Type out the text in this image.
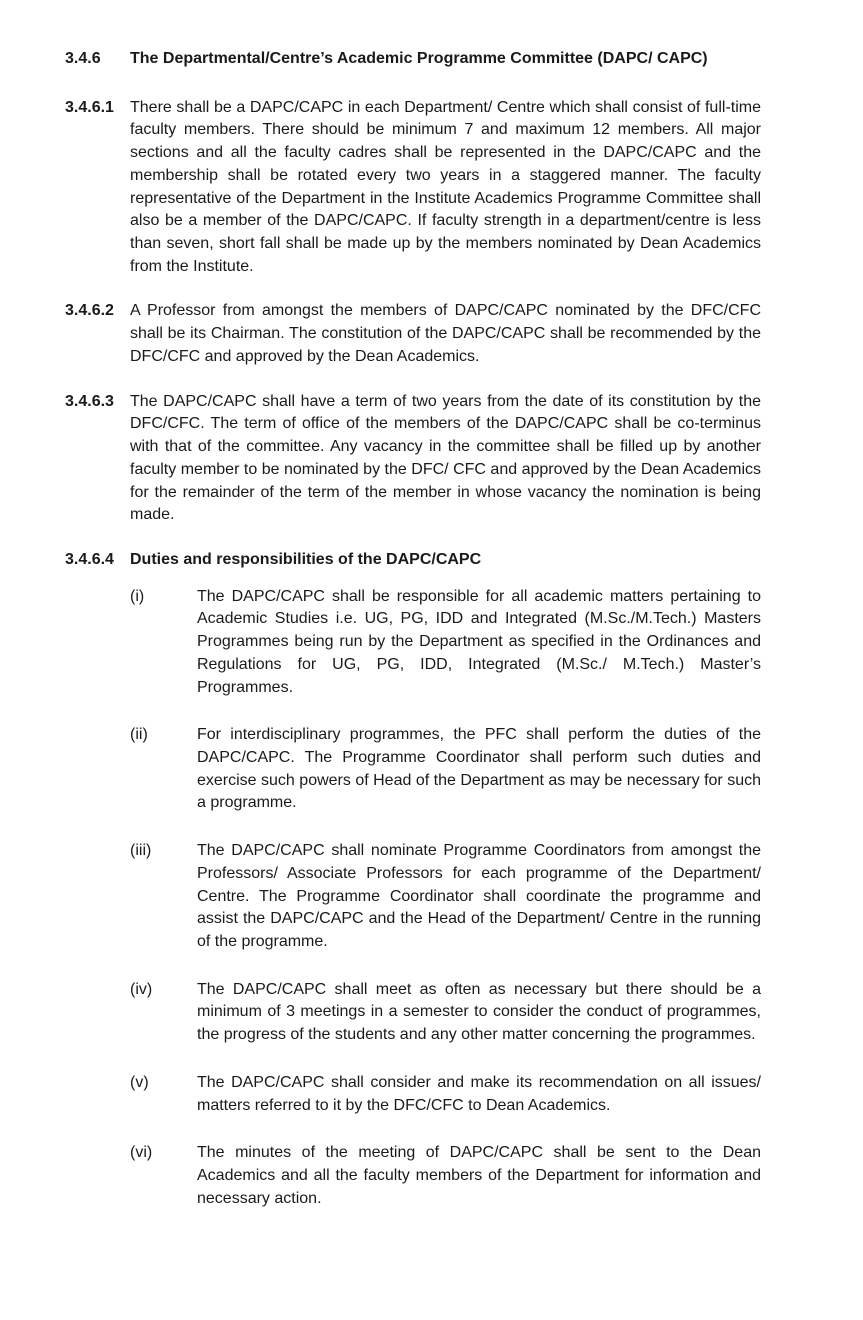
3.4.6	The Departmental/Centre’s Academic Programme Committee (DAPC/ CAPC)
3.4.6.1	There shall be a DAPC/CAPC in each Department/ Centre which shall consist of full-time faculty members. There should be minimum 7 and maximum 12 members. All major sections and all the faculty cadres shall be represented in the DAPC/CAPC and the membership shall be rotated every two years in a staggered manner. The faculty representative of the Department in the Institute Academics Programme Committee shall also be a member of the DAPC/CAPC. If faculty strength in a department/centre is less than seven, short fall shall be made up by the members nominated by Dean Academics from the Institute.
3.4.6.2	A Professor from amongst the members of DAPC/CAPC nominated by the DFC/CFC shall be its Chairman. The constitution of the DAPC/CAPC shall be recommended by the DFC/CFC and approved by the Dean Academics.
3.4.6.3	The DAPC/CAPC shall have a term of two years from the date of its constitution by the DFC/CFC. The term of office of the members of the DAPC/CAPC shall be co-terminus with that of the committee. Any vacancy in the committee shall be filled up by another faculty member to be nominated by the DFC/ CFC and approved by the Dean Academics for the remainder of the term of the member in whose vacancy the nomination is being made.
3.4.6.4	Duties and responsibilities of the DAPC/CAPC
(i)	The DAPC/CAPC shall be responsible for all academic matters pertaining to Academic Studies i.e. UG, PG, IDD and Integrated (M.Sc./M.Tech.) Masters Programmes being run by the Department as specified in the Ordinances and Regulations for UG, PG, IDD, Integrated (M.Sc./ M.Tech.) Master’s Programmes.
(ii)	For interdisciplinary programmes, the PFC shall perform the duties of the DAPC/CAPC. The Programme Coordinator shall perform such duties and exercise such powers of Head of the Department as may be necessary for such a programme.
(iii)	The DAPC/CAPC shall nominate Programme Coordinators from amongst the Professors/ Associate Professors for each programme of the Department/ Centre. The Programme Coordinator shall coordinate the programme and assist the DAPC/CAPC and the Head of the Department/ Centre in the running of the programme.
(iv)	The DAPC/CAPC shall meet as often as necessary but there should be a minimum of 3 meetings in a semester to consider the conduct of programmes, the progress of the students and any other matter concerning the programmes.
(v)	The DAPC/CAPC shall consider and make its recommendation on all issues/ matters referred to it by the DFC/CFC to Dean Academics.
(vi)	The minutes of the meeting of DAPC/CAPC shall be sent to the Dean Academics and all the faculty members of the Department for information and necessary action.
